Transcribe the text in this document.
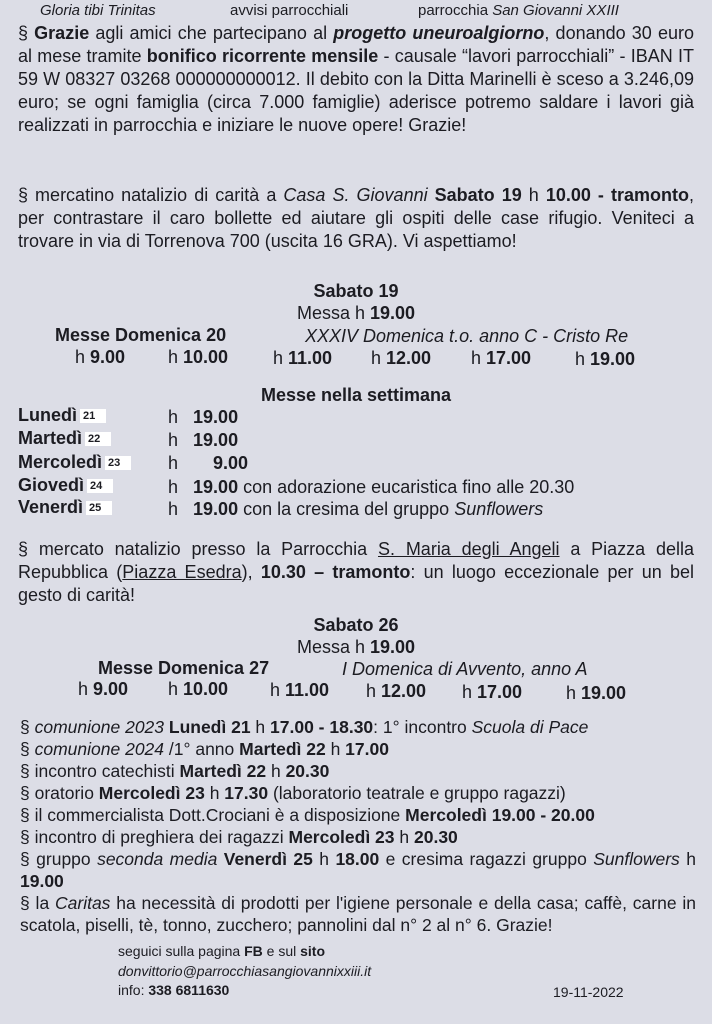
Gloria tibi Trinitas	avvisi parrocchiali	parrocchia San Giovanni XXIII
§ Grazie agli amici che partecipano al progetto uneuroalgiorno, donando 30 euro al mese tramite bonifico ricorrente mensile - causale “lavori parrocchiali” - IBAN IT 59 W 08327 03268 000000000012. Il debito con la Ditta Marinelli è sceso a 3.246,09 euro; se ogni famiglia (circa 7.000 famiglie) aderisce potremo saldare i lavori già realizzati in parrocchia e iniziare le nuove opere! Grazie!
§ mercatino natalizio di carità a Casa S. Giovanni Sabato 19 h 10.00 - tramonto, per contrastare il caro bollette ed aiutare gli ospiti delle case rifugio. Veniteci a trovare in via di Torrenova 700 (uscita 16 GRA). Vi aspettiamo!
Sabato 19
Messa h 19.00
Messe Domenica 20	XXXIV Domenica t.o. anno C - Cristo Re
h 9.00 h 10.00 h 11.00 h 12.00 h 17.00 h 19.00
Messe nella settimana
Lunedì 21	h 19.00
Martedì 22	h 19.00
Mercoledì 23	h 9.00
Giovedì 24	h 19.00 con adorazione eucaristica fino alle 20.30
Venerdì 25	h 19.00 con la cresima del gruppo Sunflowers
§ mercato natalizio presso la Parrocchia S. Maria degli Angeli a Piazza della Repubblica (Piazza Esedra), 10.30 – tramonto: un luogo eccezionale per un bel gesto di carità!
Sabato 26
Messa h 19.00
Messe Domenica 27	I Domenica di Avvento, anno A
h 9.00 h 10.00 h 11.00 h 12.00 h 17.00 h 19.00
§ comunione 2023 Lunedì 21 h 17.00 - 18.30: 1° incontro Scuola di Pace
§ comunione 2024 /1° anno Martedì 22 h 17.00
§ incontro catechisti Martedì 22 h 20.30
§ oratorio Mercoledì 23 h 17.30 (laboratorio teatrale e gruppo ragazzi)
§ il commercialista Dott.Crociani è a disposizione Mercoledì 19.00 - 20.00
§ incontro di preghiera dei ragazzi Mercoledì 23 h 20.30
§ gruppo seconda media Venerdì 25 h 18.00 e cresima ragazzi gruppo Sunflowers h 19.00
§ la Caritas ha necessità di prodotti per l'igiene personale e della casa; caffè, carne in scatola, piselli, tè, tonno, zucchero; pannolini dal n° 2 al n° 6. Grazie!
seguici sulla pagina FB e sul sito
donvittorio@parrocchiasangiovannixxiii.it
info: 338 6811630	19-11-2022
